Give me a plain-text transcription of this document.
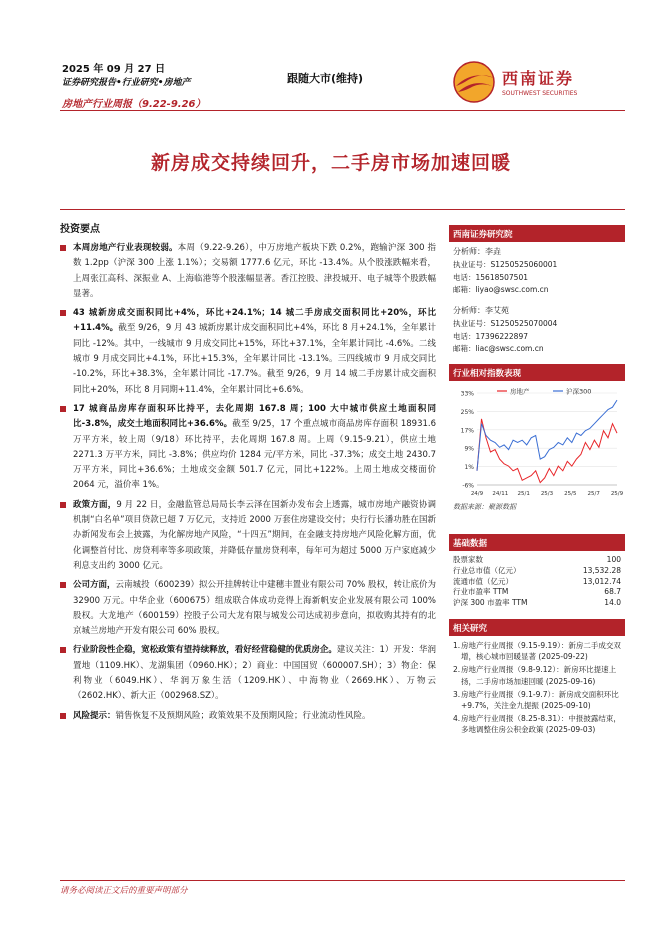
2025 年 09 月 27 日
证券研究报告•行业研究•房地产
房地产行业周报（9.22-9.26）
跟随大市(维持)	西南证券
SOUTHWEST SECURITIES
新房成交持续回升，二手房市场加速回暖
投资要点
本周房地产行业表现较弱。本周（9.22-9.26），中万房地产板块下跌 0.2%，跑输沪深 300 指数 1.2pp（沪深 300 上涨 1.1%）；交易额 1777.6 亿元，环比 -13.4%。从个股涨跌幅来看，上周张江高科、深振业 A、上海临港等个股涨幅显著。香江控股、津投城开、电子城等个股跌幅显著。
43 城新房成交面积同比+4%，环比+24.1%；14 城二手房成交面积同比+20%，环比+11.4%。截至 9/26，9 月 43 城新房累计成交面积同比+4%，环比 8 月+24.1%，全年累计同比 -12%。其中，一线城市 9 月成交同比+15%，环比+37.1%，全年累计同比 -4.6%。二线城市 9 月成交同比+4.1%，环比+15.3%，全年累计同比 -13.1%。三四线城市 9 月成交同比 -10.2%，环比+38.3%，全年累计同比 -17.7%。截至 9/26，9 月 14 城二手房累计成交面积同比+20%，环比 8 月同期+11.4%，全年累计同比+6.6%。
17 城商品房库存面积环比持平，去化周期 167.8 周；100 大中城市供应土地面积同比-3.8%，成交土地面积同比+36.6%。截至 9/25，17 个重点城市商品房库存面积 18931.6 万平方米，较上周（9/18）环比持平，去化周期 167.8 周。上周（9.15-9.21），供应土地 2271.3 万平方米，同比 -3.8%；供应均价 1284 元/平方米，同比 -37.3%；成交土地 2430.7 万平方米，同比+36.6%；土地成交金额 501.7 亿元，同比+122%。上周土地成交楼面价 2064 元，溢价率 1%。
政策方面，9 月 22 日，金融监管总局局长李云泽在国新办发布会上透露，城市房地产融资协调机制“白名单”项目贷款已超 7 万亿元，支持近 2000 万套住房建设交付；央行行长潘功胜在国新办新闻发布会上披露，为化解房地产风险，“十四五”期间，在金融支持房地产风险化解方面，优化调整首付比、房贷利率等多项政策，并降低存量房贷利率，每年可为超过 5000 万户家庭减少利息支出约 3000 亿元。
公司方面，云南城投（600239）拟公开挂牌转让中建穗丰置业有限公司 70% 股权，转让底价为 32900 万元。中华企业（600675）组成联合体成功竞得上海新帆安企业发展有限公司 100% 股权。大龙地产（600159）控股子公司大龙有限与城发公司达成初步意向，拟收购其持有的北京城兰房地产开发有限公司 60% 股权。
行业阶段性企稳，宽松政策有望持续释放，看好经营稳健的优质房企。建议关注：1）开发：华润置地（1109.HK）、龙湖集团（0960.HK）；2）商业：中国国贸（600007.SH）；3）物企：保利物业（6049.HK）、华润万象生活（1209.HK）、中海物业（2669.HK）、万物云（2602.HK）、新大正（002968.SZ）。
风险提示：销售恢复不及预期风险；政策效果不及预期风险；行业流动性风险。
西南证券研究院
分析师：李垚
执业证号：S1250525060001
电话：15618507501
邮箱：liyao@swsc.com.cn
分析师：李艾苑
执业证号：S1250525070004
电话：17396222897
邮箱：liac@swsc.com.cn
行业相对指数表现
33%
25%
17%
9%
1%
-6%
24/9 24/11 25/1 25/3 25/5 25/7 25/9
房地产	沪深300
数据来源：聚源数据
基础数据
股票家数	100
行业总市值（亿元）	13,532.28
流通市值（亿元）	13,012.74
行业市盈率 TTM	68.7
沪深 300 市盈率 TTM	14.0
相关研究
1. 房地产行业周报（9.15-9.19）：新房二手成交双增，核心城市回暖显著 (2025-09-22)
2. 房地产行业周报（9.8-9.12）：新房环比提速上扬，二手房市场加速回暖 (2025-09-16)
3. 房地产行业周报（9.1-9.7）：新房成交面积环比+9.7%，关注金九提振 (2025-09-10)
4. 房地产行业周报（8.25-8.31）：中报披露结束，多地调整住房公积金政策 (2025-09-03)
请务必阅读正文后的重要声明部分
